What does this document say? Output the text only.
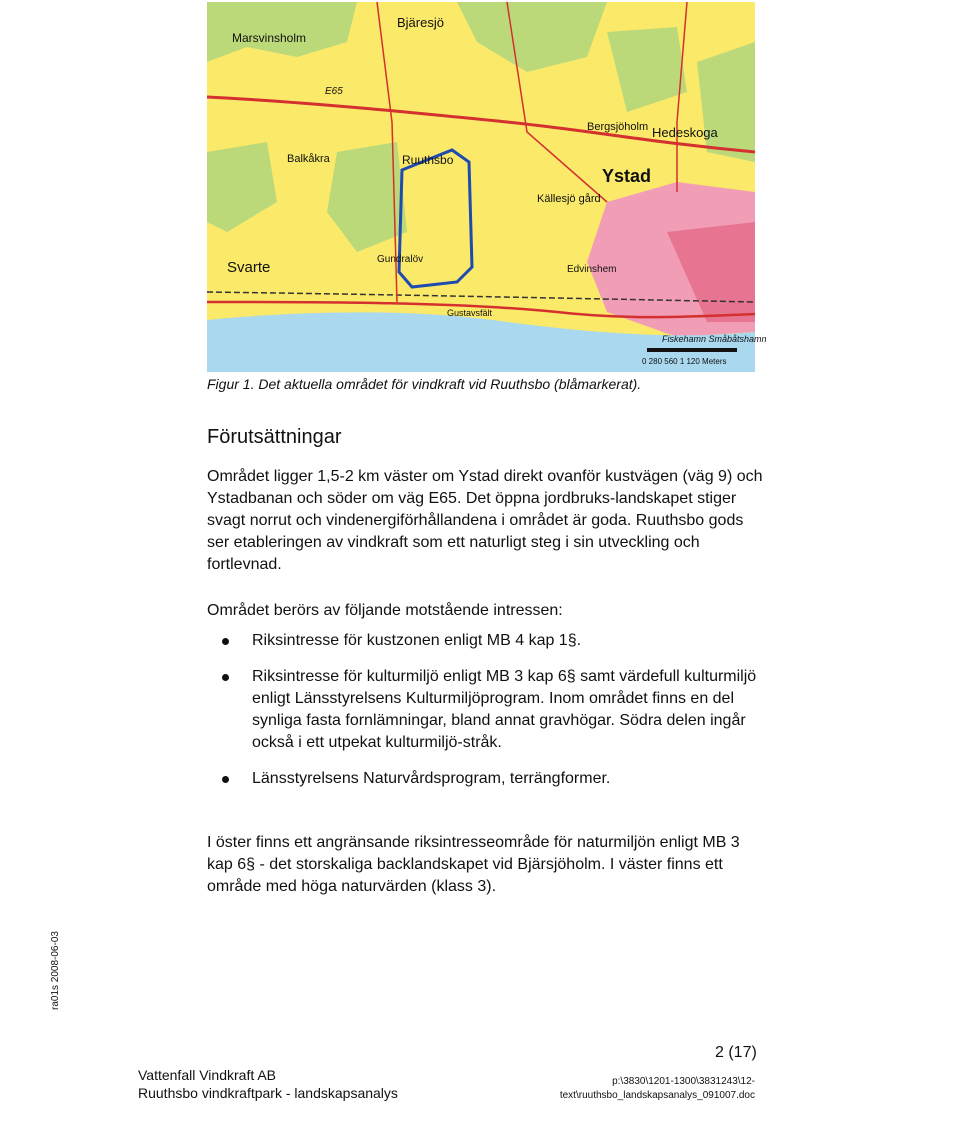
Ystad
Ruuthsbo
Svarte
Bjäresjö
Hedeskoga
Marsvinsholm
Källesjö gård
Bergsjöholm
Balkåkra
Gundralöv
Edvinshem
Gustavsfält
E65
Fiskehamn Småbåtshamn
0 280 560 1 120 Meters
Figur 1. Det aktuella området för vindkraft vid Ruuthsbo (blåmarkerat).
Förutsättningar

Området ligger 1,5-2 km väster om Ystad direkt ovanför kustvägen (väg 9) och Ystadbanan och söder om väg E65. Det öppna jordbruks-landskapet stiger svagt norrut och vindenergiförhållandena i området är goda. Ruuthsbo gods ser etableringen av vindkraft som ett naturligt steg i sin utveckling och fortlevnad.

Området berörs av följande motstående intressen:

Riksintresse för kustzonen enligt MB 4 kap 1§.
Riksintresse för kulturmiljö enligt MB 3 kap 6§ samt värdefull kulturmiljö enligt Länsstyrelsens Kulturmiljöprogram. Inom området finns en del synliga fasta fornlämningar, bland annat gravhögar. Södra delen ingår också i ett utpekat kulturmiljö-stråk.
Länsstyrelsens Naturvårdsprogram, terrängformer.

I öster finns ett angränsande riksintresseområde för naturmiljön enligt MB 3 kap 6§ - det storskaliga backlandskapet vid Bjärsjöholm. I väster finns ett område med höga naturvärden (klass 3).

ra01s 2008-06-03
2 (17)
Vattenfall Vindkraft AB
Ruuthsbo vindkraftpark - landskapsanalys
p:\3830\1201-1300\3831243\12-
text\ruuthsbo_landskapsanalys_091007.doc
